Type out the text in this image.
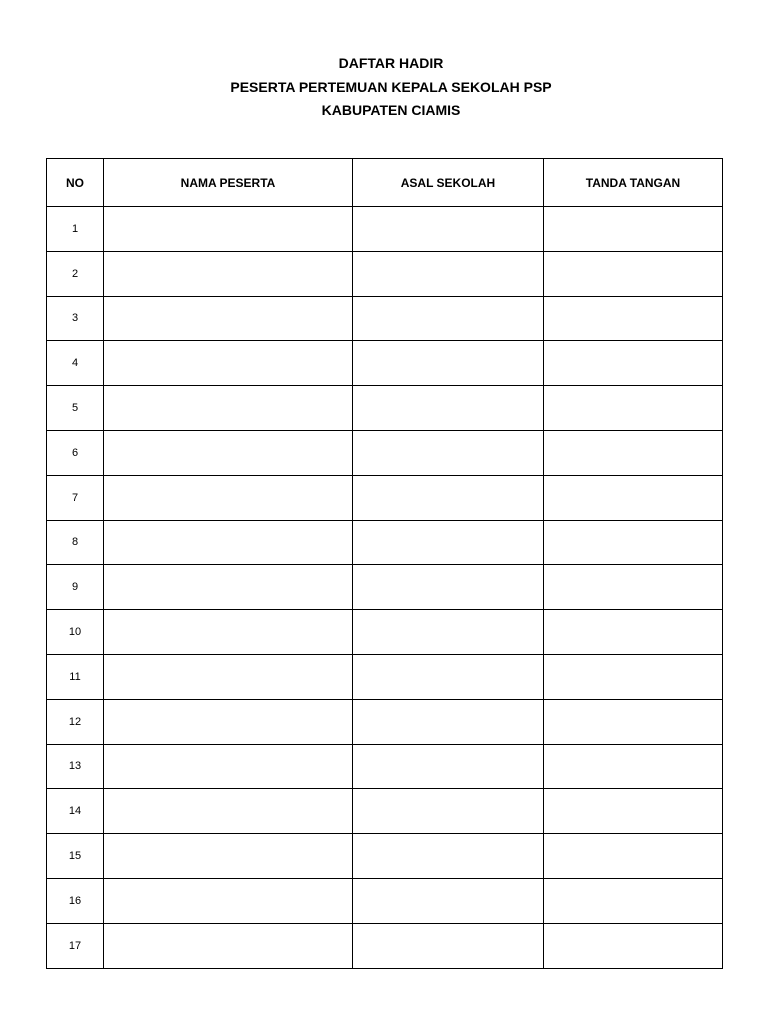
DAFTAR HADIR
PESERTA PERTEMUAN KEPALA SEKOLAH PSP
KABUPATEN CIAMIS
NO	NAMA PESERTA	ASAL SEKOLAH	TANDA TANGAN
1			
2			
3			
4			
5			
6			
7			
8			
9			
10			
11			
12			
13			
14			
15			
16			
17			
